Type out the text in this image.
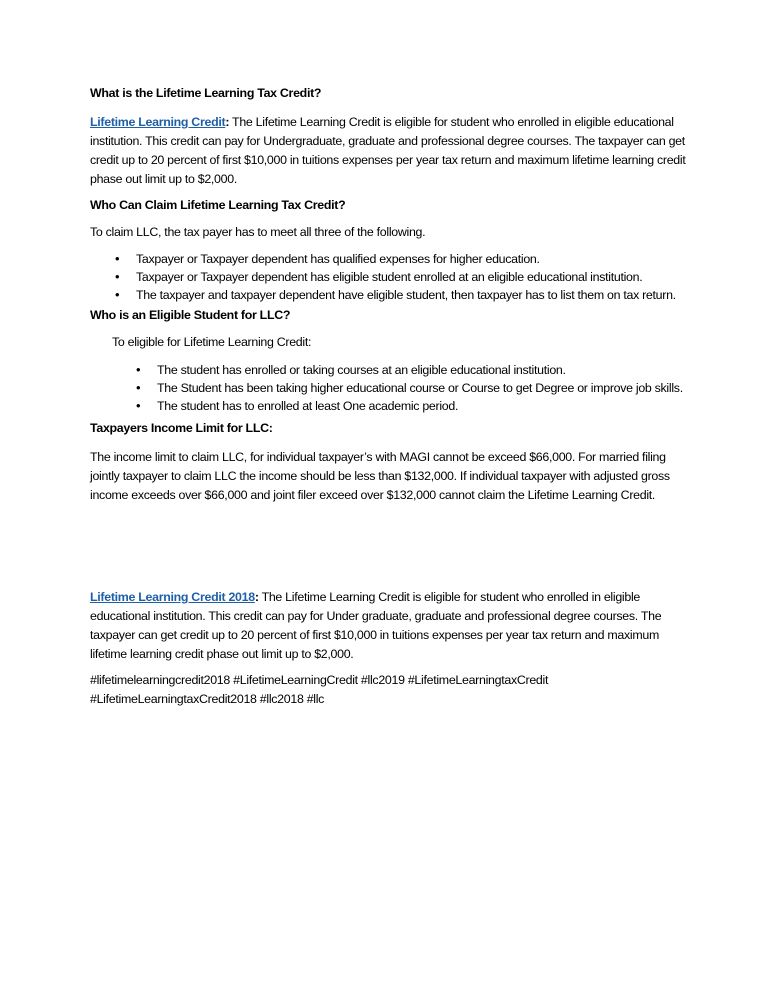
What is the Lifetime Learning Tax Credit?

Lifetime Learning Credit: The Lifetime Learning Credit is eligible for student who enrolled in eligible educational institution. This credit can pay for Undergraduate, graduate and professional degree courses. The taxpayer can get credit up to 20 percent of first $10,000 in tuitions expenses per year tax return and maximum lifetime learning credit phase out limit up to $2,000.

Who Can Claim Lifetime Learning Tax Credit?

To claim LLC, the tax payer has to meet all three of the following.

• Taxpayer or Taxpayer dependent has qualified expenses for higher education.
• Taxpayer or Taxpayer dependent has eligible student enrolled at an eligible educational institution.
• The taxpayer and taxpayer dependent have eligible student, then taxpayer has to list them on tax return.

Who is an Eligible Student for LLC?

To eligible for Lifetime Learning Credit:

• The student has enrolled or taking courses at an eligible educational institution.
• The Student has been taking higher educational course or Course to get Degree or improve job skills.
• The student has to enrolled at least One academic period.

Taxpayers Income Limit for LLC:

The income limit to claim LLC, for individual taxpayer’s with MAGI cannot be exceed $66,000. For married filing jointly taxpayer to claim LLC the income should be less than $132,000. If individual taxpayer with adjusted gross income exceeds over $66,000 and joint filer exceed over $132,000 cannot claim the Lifetime Learning Credit.

Lifetime Learning Credit 2018: The Lifetime Learning Credit is eligible for student who enrolled in eligible educational institution. This credit can pay for Under graduate, graduate and professional degree courses. The taxpayer can get credit up to 20 percent of first $10,000 in tuitions expenses per year tax return and maximum lifetime learning credit phase out limit up to $2,000.

#lifetimelearningcredit2018 #LifetimeLearningCredit #llc2019 #LifetimeLearningtaxCredit

#LifetimeLearningtaxCredit2018 #llc2018 #llc
